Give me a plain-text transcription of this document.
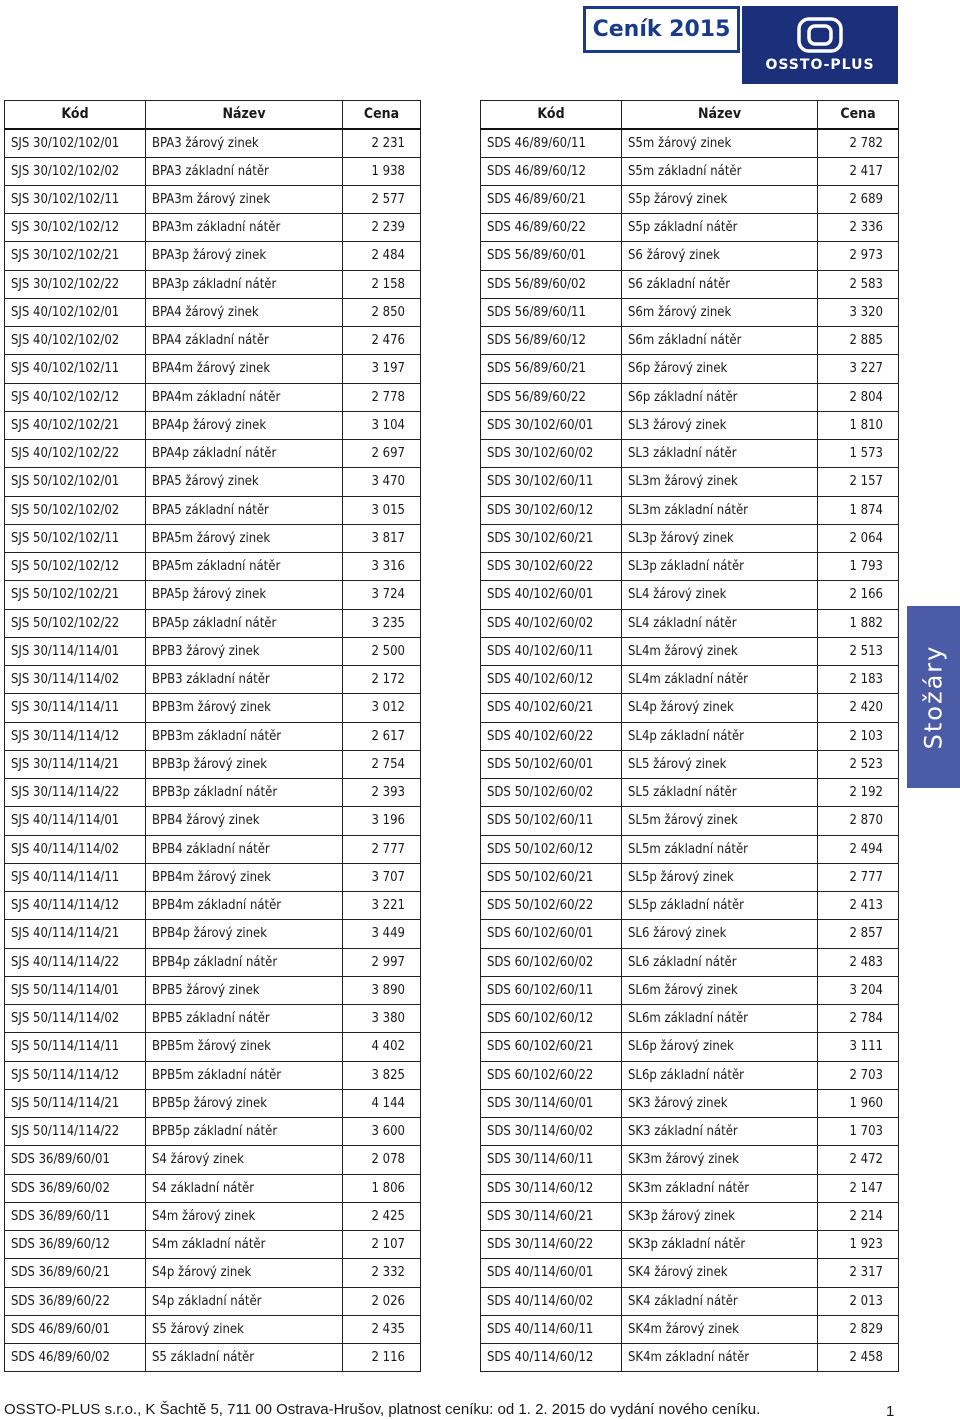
Ceník 2015
OSSTO-PLUS
Kód	Název	Cena
SJS 30/102/102/01	BPA3 žárový zinek	2 231
SJS 30/102/102/02	BPA3 základní nátěr	1 938
SJS 30/102/102/11	BPA3m žárový zinek	2 577
SJS 30/102/102/12	BPA3m základní nátěr	2 239
SJS 30/102/102/21	BPA3p žárový zinek	2 484
SJS 30/102/102/22	BPA3p základní nátěr	2 158
SJS 40/102/102/01	BPA4 žárový zinek	2 850
SJS 40/102/102/02	BPA4 základní nátěr	2 476
SJS 40/102/102/11	BPA4m žárový zinek	3 197
SJS 40/102/102/12	BPA4m základní nátěr	2 778
SJS 40/102/102/21	BPA4p žárový zinek	3 104
SJS 40/102/102/22	BPA4p základní nátěr	2 697
SJS 50/102/102/01	BPA5 žárový zinek	3 470
SJS 50/102/102/02	BPA5 základní nátěr	3 015
SJS 50/102/102/11	BPA5m žárový zinek	3 817
SJS 50/102/102/12	BPA5m základní nátěr	3 316
SJS 50/102/102/21	BPA5p žárový zinek	3 724
SJS 50/102/102/22	BPA5p základní nátěr	3 235
SJS 30/114/114/01	BPB3 žárový zinek	2 500
SJS 30/114/114/02	BPB3 základní nátěr	2 172
SJS 30/114/114/11	BPB3m žárový zinek	3 012
SJS 30/114/114/12	BPB3m základní nátěr	2 617
SJS 30/114/114/21	BPB3p žárový zinek	2 754
SJS 30/114/114/22	BPB3p základní nátěr	2 393
SJS 40/114/114/01	BPB4 žárový zinek	3 196
SJS 40/114/114/02	BPB4 základní nátěr	2 777
SJS 40/114/114/11	BPB4m žárový zinek	3 707
SJS 40/114/114/12	BPB4m základní nátěr	3 221
SJS 40/114/114/21	BPB4p žárový zinek	3 449
SJS 40/114/114/22	BPB4p základní nátěr	2 997
SJS 50/114/114/01	BPB5 žárový zinek	3 890
SJS 50/114/114/02	BPB5 základní nátěr	3 380
SJS 50/114/114/11	BPB5m žárový zinek	4 402
SJS 50/114/114/12	BPB5m základní nátěr	3 825
SJS 50/114/114/21	BPB5p žárový zinek	4 144
SJS 50/114/114/22	BPB5p základní nátěr	3 600
SDS 36/89/60/01	S4 žárový zinek	2 078
SDS 36/89/60/02	S4 základní nátěr	1 806
SDS 36/89/60/11	S4m žárový zinek	2 425
SDS 36/89/60/12	S4m základní nátěr	2 107
SDS 36/89/60/21	S4p žárový zinek	2 332
SDS 36/89/60/22	S4p základní nátěr	2 026
SDS 46/89/60/01	S5 žárový zinek	2 435
SDS 46/89/60/02	S5 základní nátěr	2 116
Kód	Název	Cena
SDS 46/89/60/11	S5m žárový zinek	2 782
SDS 46/89/60/12	S5m základní nátěr	2 417
SDS 46/89/60/21	S5p žárový zinek	2 689
SDS 46/89/60/22	S5p základní nátěr	2 336
SDS 56/89/60/01	S6 žárový zinek	2 973
SDS 56/89/60/02	S6 základní nátěr	2 583
SDS 56/89/60/11	S6m žárový zinek	3 320
SDS 56/89/60/12	S6m základní nátěr	2 885
SDS 56/89/60/21	S6p žárový zinek	3 227
SDS 56/89/60/22	S6p základní nátěr	2 804
SDS 30/102/60/01	SL3 žárový zinek	1 810
SDS 30/102/60/02	SL3 základní nátěr	1 573
SDS 30/102/60/11	SL3m žárový zinek	2 157
SDS 30/102/60/12	SL3m základní nátěr	1 874
SDS 30/102/60/21	SL3p žárový zinek	2 064
SDS 30/102/60/22	SL3p základní nátěr	1 793
SDS 40/102/60/01	SL4 žárový zinek	2 166
SDS 40/102/60/02	SL4 základní nátěr	1 882
SDS 40/102/60/11	SL4m žárový zinek	2 513
SDS 40/102/60/12	SL4m základní nátěr	2 183
SDS 40/102/60/21	SL4p žárový zinek	2 420
SDS 40/102/60/22	SL4p základní nátěr	2 103
SDS 50/102/60/01	SL5 žárový zinek	2 523
SDS 50/102/60/02	SL5 základní nátěr	2 192
SDS 50/102/60/11	SL5m žárový zinek	2 870
SDS 50/102/60/12	SL5m základní nátěr	2 494
SDS 50/102/60/21	SL5p žárový zinek	2 777
SDS 50/102/60/22	SL5p základní nátěr	2 413
SDS 60/102/60/01	SL6 žárový zinek	2 857
SDS 60/102/60/02	SL6 základní nátěr	2 483
SDS 60/102/60/11	SL6m žárový zinek	3 204
SDS 60/102/60/12	SL6m základní nátěr	2 784
SDS 60/102/60/21	SL6p žárový zinek	3 111
SDS 60/102/60/22	SL6p základní nátěr	2 703
SDS 30/114/60/01	SK3 žárový zinek	1 960
SDS 30/114/60/02	SK3 základní nátěr	1 703
SDS 30/114/60/11	SK3m žárový zinek	2 472
SDS 30/114/60/12	SK3m základní nátěr	2 147
SDS 30/114/60/21	SK3p žárový zinek	2 214
SDS 30/114/60/22	SK3p základní nátěr	1 923
SDS 40/114/60/01	SK4 žárový zinek	2 317
SDS 40/114/60/02	SK4 základní nátěr	2 013
SDS 40/114/60/11	SK4m žárový zinek	2 829
SDS 40/114/60/12	SK4m základní nátěr	2 458
Stožáry
OSSTO-PLUS s.r.o., K Šachtě 5, 711 00 Ostrava-Hrušov, platnost ceníku: od 1. 2. 2015 do vydání nového ceníku.	1
